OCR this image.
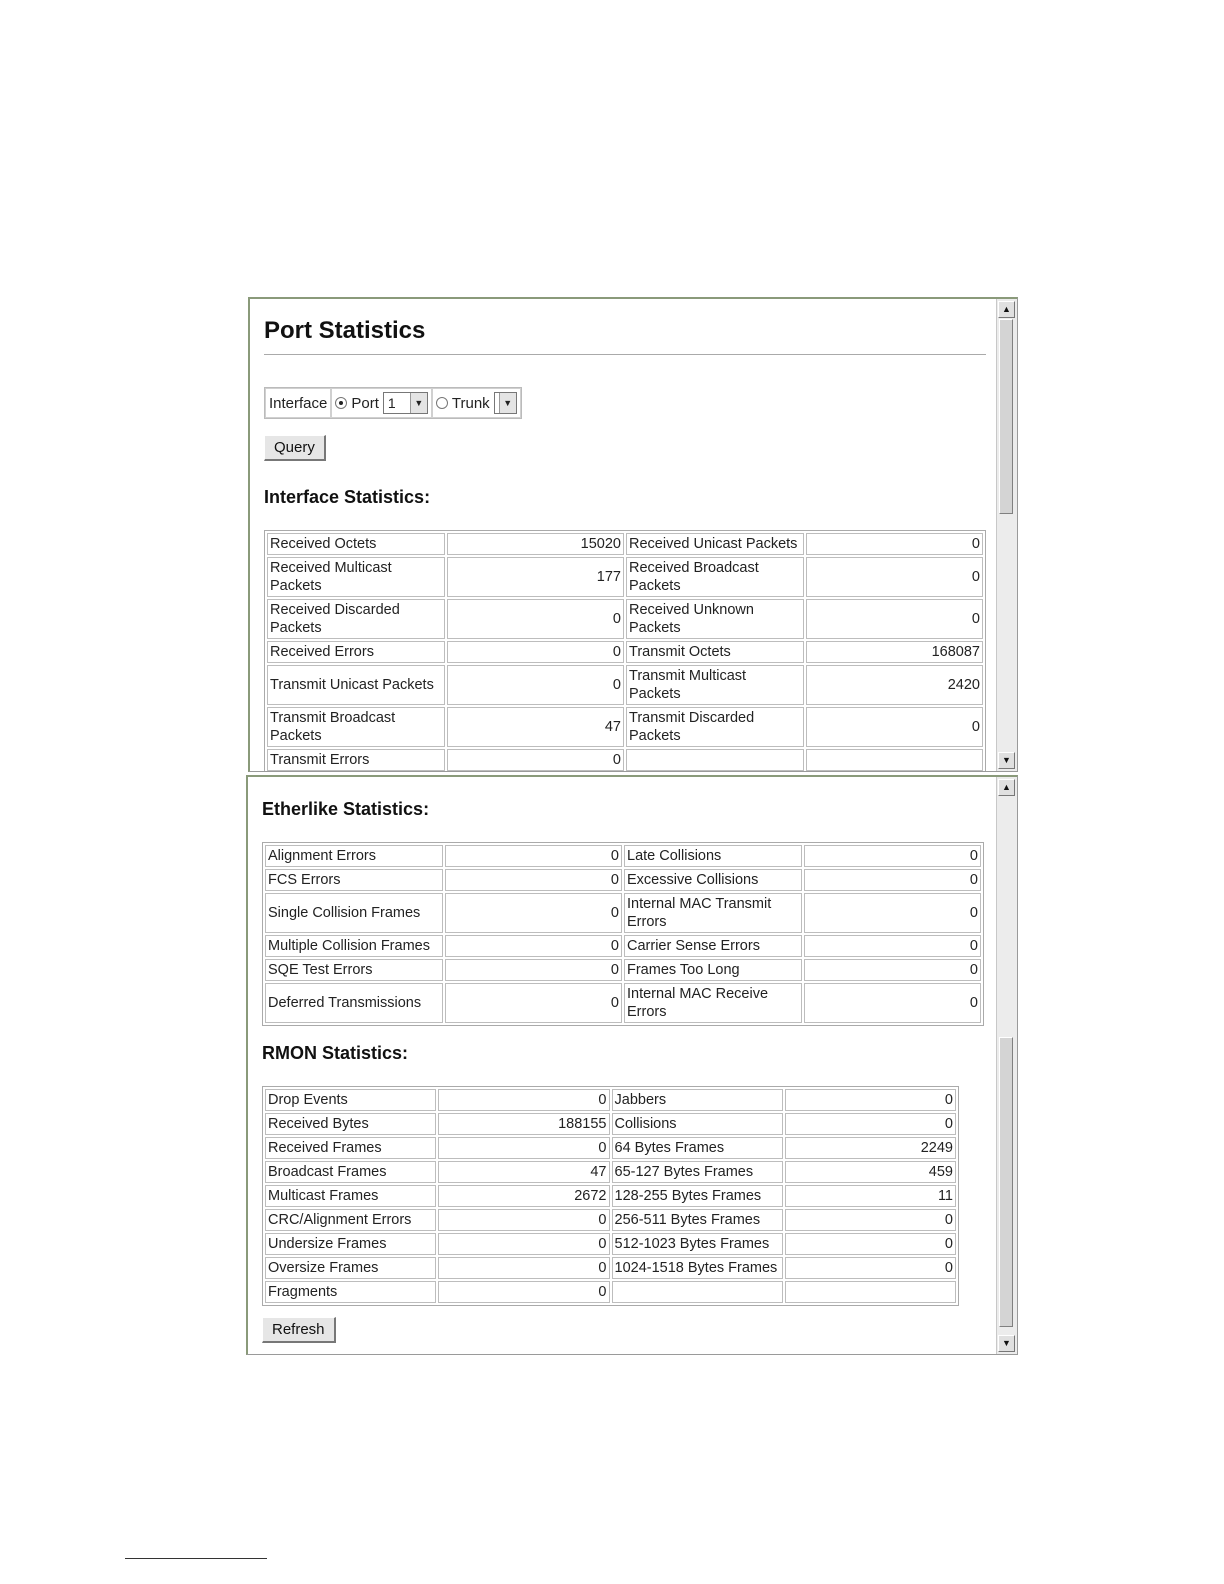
Port Statistics
Interface Port 1	▼ Trunk	▼
Query
Interface Statistics:
Received Octets	15020	Received Unicast Packets	0
Received Multicast Packets	177	Received Broadcast Packets	0
Received Discarded Packets	0	Received Unknown Packets	0
Received Errors	0	Transmit Octets	168087
Transmit Unicast Packets	0	Transmit Multicast Packets	2420
Transmit Broadcast Packets	47	Transmit Discarded Packets	0
Transmit Errors	0		
▲
▼
Etherlike Statistics:
Alignment Errors	0	Late Collisions	0
FCS Errors	0	Excessive Collisions	0
Single Collision Frames	0	Internal MAC Transmit Errors	0
Multiple Collision Frames	0	Carrier Sense Errors	0
SQE Test Errors	0	Frames Too Long	0
Deferred Transmissions	0	Internal MAC Receive Errors	0
RMON Statistics:
Drop Events	0	Jabbers	0
Received Bytes	188155	Collisions	0
Received Frames	0	64 Bytes Frames	2249
Broadcast Frames	47	65-127 Bytes Frames	459
Multicast Frames	2672	128-255 Bytes Frames	11
CRC/Alignment Errors	0	256-511 Bytes Frames	0
Undersize Frames	0	512-1023 Bytes Frames	0
Oversize Frames	0	1024-1518 Bytes Frames	0
Fragments	0		
Refresh
▲
▼
